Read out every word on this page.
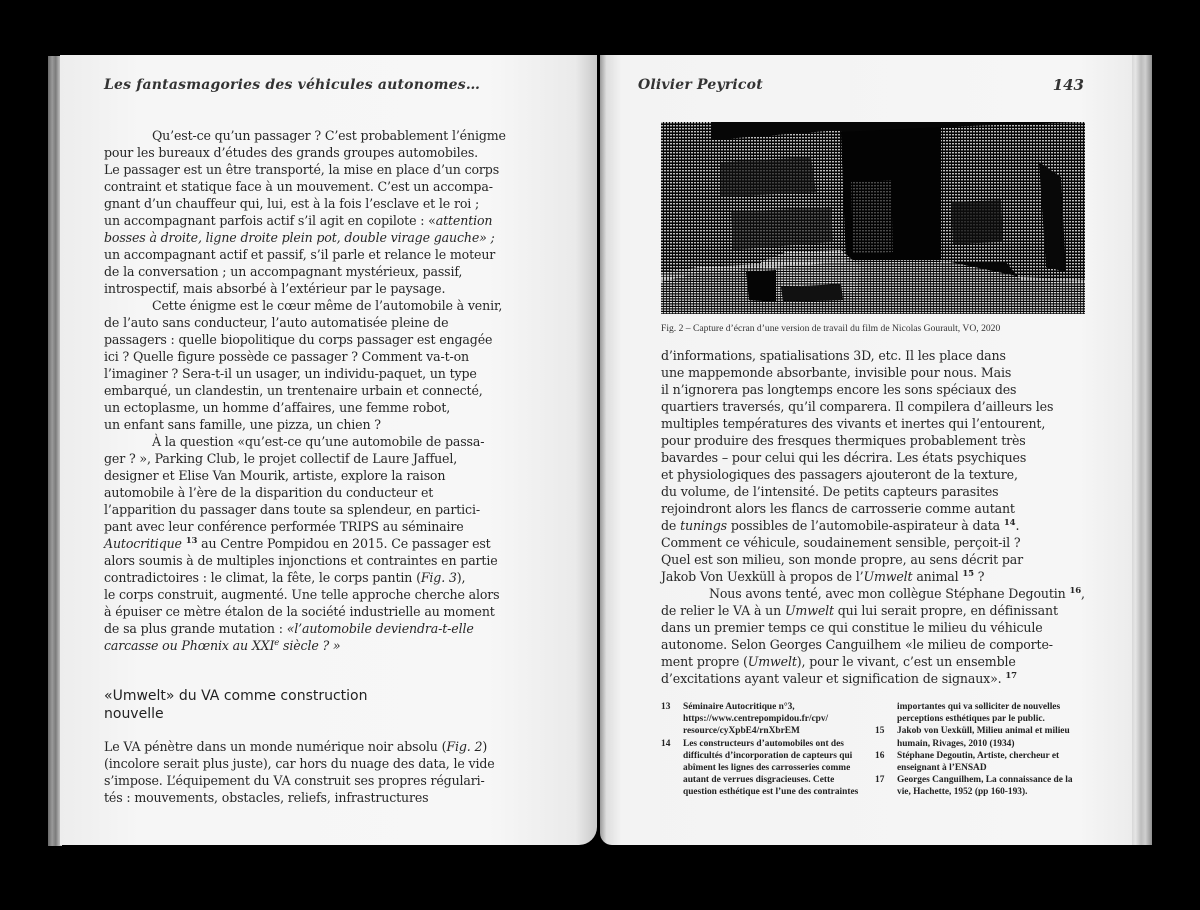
Les fantasmagories des véhicules autonomes…

Qu’est-ce qu’un passager ? C’est probablement l’énigme
pour les bureaux d’études des grands groupes automobiles.
Le passager est un être transporté, la mise en place d’un corps
contraint et statique face à un mouvement. C’est un accompa-
gnant d’un chauffeur qui, lui, est à la fois l’esclave et le roi ;
un accompagnant parfois actif s’il agit en copilote : «attention
bosses à droite, ligne droite plein pot, double virage gauche» ;
un accompagnant actif et passif, s’il parle et relance le moteur
de la conversation ; un accompagnant mystérieux, passif,
introspectif, mais absorbé à l’extérieur par le paysage.

Cette énigme est le cœur même de l’automobile à venir,
de l’auto sans conducteur, l’auto automatisée pleine de
passagers : quelle biopolitique du corps passager est engagée
ici ? Quelle figure possède ce passager ? Comment va-t-on
l’imaginer ? Sera-t-il un usager, un individu-paquet, un type
embarqué, un clandestin, un trentenaire urbain et connecté,
un ectoplasme, un homme d’affaires, une femme robot,
un enfant sans famille, une pizza, un chien ?

À la question «qu’est-ce qu’une automobile de passa-
ger ? », Parking Club, le projet collectif de Laure Jaffuel,
designer et Elise Van Mourik, artiste, explore la raison
automobile à l’ère de la disparition du conducteur et
l’apparition du passager dans toute sa splendeur, en partici-
pant avec leur conférence performée TRIPS au séminaire
Autocritique $^{13}$ au Centre Pompidou en 2015. Ce passager est
alors soumis à de multiples injonctions et contraintes en partie
contradictoires : le climat, la fête, le corps pantin (Fig. 3),
le corps construit, augmenté. Une telle approche cherche alors
à épuiser ce mètre étalon de la société industrielle au moment
de sa plus grande mutation : «l’automobile deviendra-t-elle
carcasse ou Phœnix au XXIe siècle ? »

«Umwelt» du VA comme construction
nouvelle

Le VA pénètre dans un monde numérique noir absolu (Fig. 2)
(incolore serait plus juste), car hors du nuage des data, le vide
s’impose. L’équipement du VA construit ses propres régulari-
tés : mouvements, obstacles, reliefs, infrastructures

Olivier Peyricot	143
Fig. 2 – Capture d’écran d’une version de travail du film de Nicolas Gourault, VO, 2020

d’informations, spatialisations 3D, etc. Il les place dans
une mappemonde absorbante, invisible pour nous. Mais
il n’ignorera pas longtemps encore les sons spéciaux des
quartiers traversés, qu’il comparera. Il compilera d’ailleurs les
multiples températures des vivants et inertes qui l’entourent,
pour produire des fresques thermiques probablement très
bavardes – pour celui qui les décrira. Les états psychiques
et physiologiques des passagers ajouteront de la texture,
du volume, de l’intensité. De petits capteurs parasites
rejoindront alors les flancs de carrosserie comme autant
de tunings possibles de l’automobile-aspirateur à data $^{14}$.
Comment ce véhicule, soudainement sensible, perçoit-il ?
Quel est son milieu, son monde propre, au sens décrit par
Jakob Von Uexküll à propos de l’Umwelt animal $^{15}$ ?

Nous avons tenté, avec mon collègue Stéphane Degoutin $^{16}$,
de relier le VA à un Umwelt qui lui serait propre, en définissant
dans un premier temps ce qui constitue le milieu du véhicule
autonome. Selon Georges Canguilhem «le milieu de comporte-
ment propre (Umwelt), pour le vivant, c’est un ensemble
d’excitations ayant valeur et signification de signaux». $^{17}$

13 Séminaire Autocritique n°3,
https://www.centrepompidou.fr/cpv/
resource/cyXpbE4/rnXbrEM
14 Les constructeurs d’automobiles ont des
difficultés d’incorporation de capteurs qui
abîment les lignes des carrosseries comme
autant de verrues disgracieuses. Cette
question esthétique est l’une des contraintes
importantes qui va solliciter de nouvelles
perceptions esthétiques par le public.
15 Jakob von Uexküll, Milieu animal et milieu
humain, Rivages, 2010 (1934)
16 Stéphane Degoutin, Artiste, chercheur et
enseignant à l’ENSAD
17 Georges Canguilhem, La connaissance de la
vie, Hachette, 1952 (pp 160-193).
